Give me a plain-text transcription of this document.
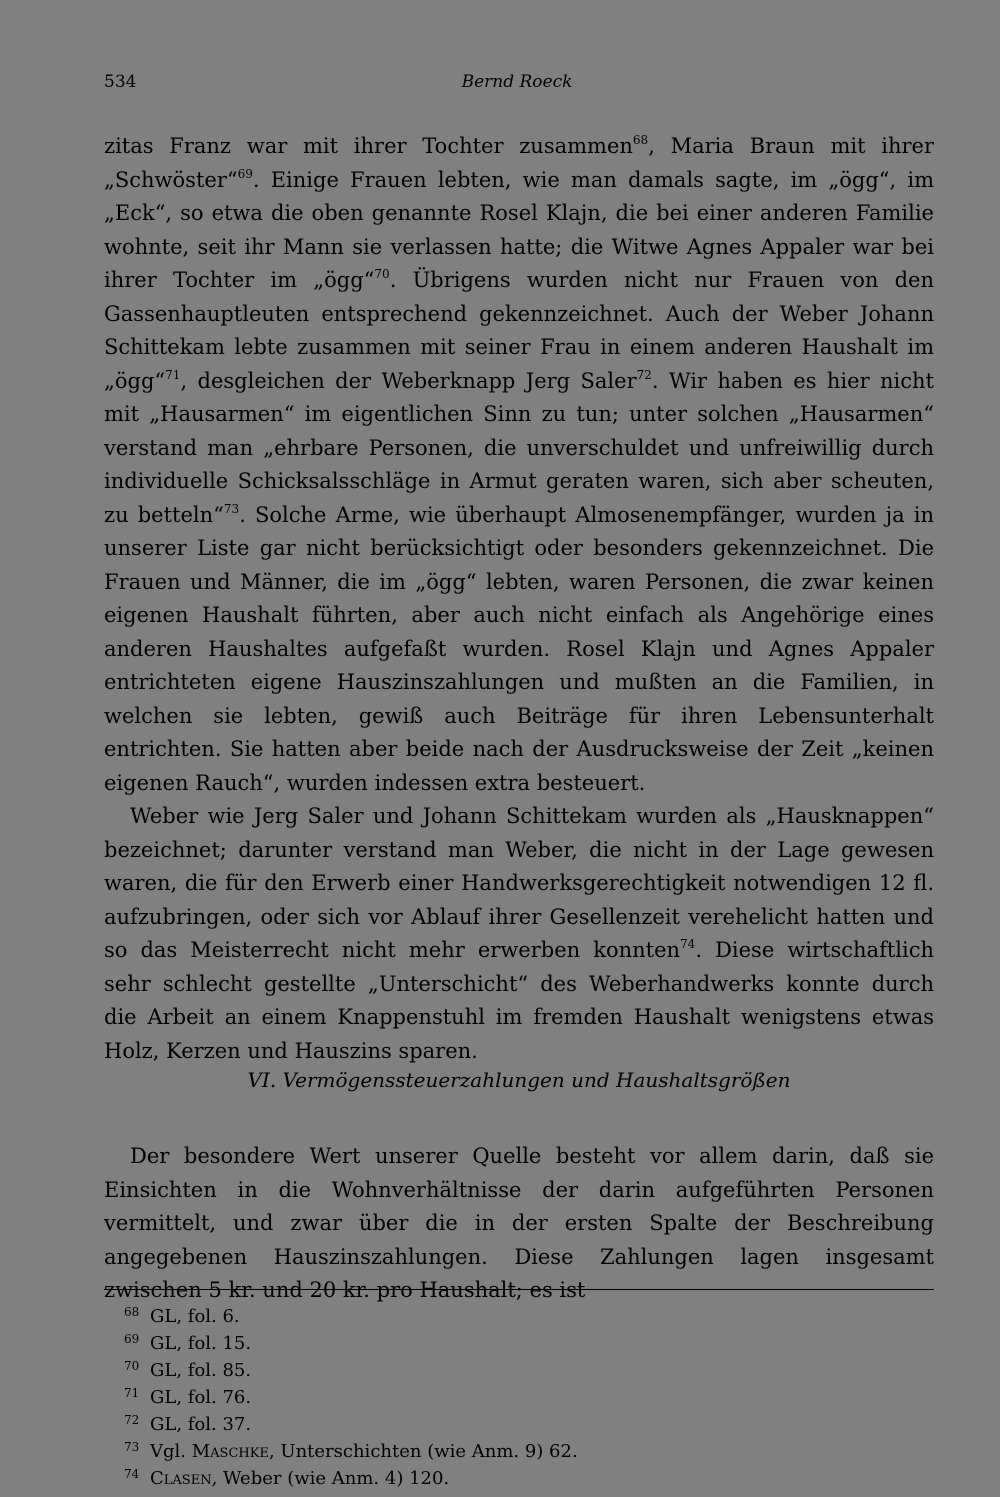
534	Bernd Roeck

zitas Franz war mit ihrer Tochter zusammen$^{68}$, Maria Braun mit ihrer „Schwöster“$^{69}$. Einige Frauen lebten, wie man damals sagte, im „ögg“, im „Eck“, so etwa die oben genannte Rosel Klajn, die bei einer anderen Familie wohnte, seit ihr Mann sie verlassen hatte; die Witwe Agnes Appaler war bei ihrer Tochter im „ögg“$^{70}$. Übrigens wurden nicht nur Frauen von den Gassenhauptleuten entsprechend gekennzeichnet. Auch der Weber Johann Schittekam lebte zusammen mit seiner Frau in einem anderen Haushalt im „ögg“$^{71}$, desgleichen der Weberknapp Jerg Saler$^{72}$. Wir haben es hier nicht mit „Hausarmen“ im eigentlichen Sinn zu tun; unter solchen „Hausarmen“ verstand man „ehrbare Personen, die unverschuldet und unfreiwillig durch individuelle Schicksalsschläge in Armut geraten waren, sich aber scheuten, zu betteln“$^{73}$. Solche Arme, wie überhaupt Almosenempfänger, wurden ja in unserer Liste gar nicht berücksichtigt oder besonders gekennzeichnet. Die Frauen und Männer, die im „ögg“ lebten, waren Personen, die zwar keinen eigenen Haushalt führten, aber auch nicht einfach als Angehörige eines anderen Haushaltes aufgefaßt wurden. Rosel Klajn und Agnes Appaler entrichteten eigene Hauszinszahlungen und mußten an die Familien, in welchen sie lebten, gewiß auch Beiträge für ihren Lebensunterhalt entrichten. Sie hatten aber beide nach der Ausdrucksweise der Zeit „keinen eigenen Rauch“, wurden indessen extra besteuert.

Weber wie Jerg Saler und Johann Schittekam wurden als „Hausknappen“ bezeichnet; darunter verstand man Weber, die nicht in der Lage gewesen waren, die für den Erwerb einer Handwerksgerechtigkeit notwendigen 12 fl. aufzubringen, oder sich vor Ablauf ihrer Gesellenzeit verehelicht hatten und so das Meisterrecht nicht mehr erwerben konnten$^{74}$. Diese wirtschaftlich sehr schlecht gestellte „Unterschicht“ des Weberhandwerks konnte durch die Arbeit an einem Knappenstuhl im fremden Haushalt wenigstens etwas Holz, Kerzen und Hauszins sparen.

VI. Vermögenssteuerzahlungen und Haushaltsgrößen

Der besondere Wert unserer Quelle besteht vor allem darin, daß sie Einsichten in die Wohnverhältnisse der darin aufgeführten Personen vermittelt, und zwar über die in der ersten Spalte der Beschreibung angegebenen Hauszinszahlungen. Diese Zahlungen lagen insgesamt zwischen 5 kr. und 20 kr. pro Haushalt; es ist

68 GL, fol. 6.
69 GL, fol. 15.
70 GL, fol. 85.
71 GL, fol. 76.
72 GL, fol. 37.
73 Vgl. Maschke, Unterschichten (wie Anm. 9) 62.
74 Clasen, Weber (wie Anm. 4) 120.
